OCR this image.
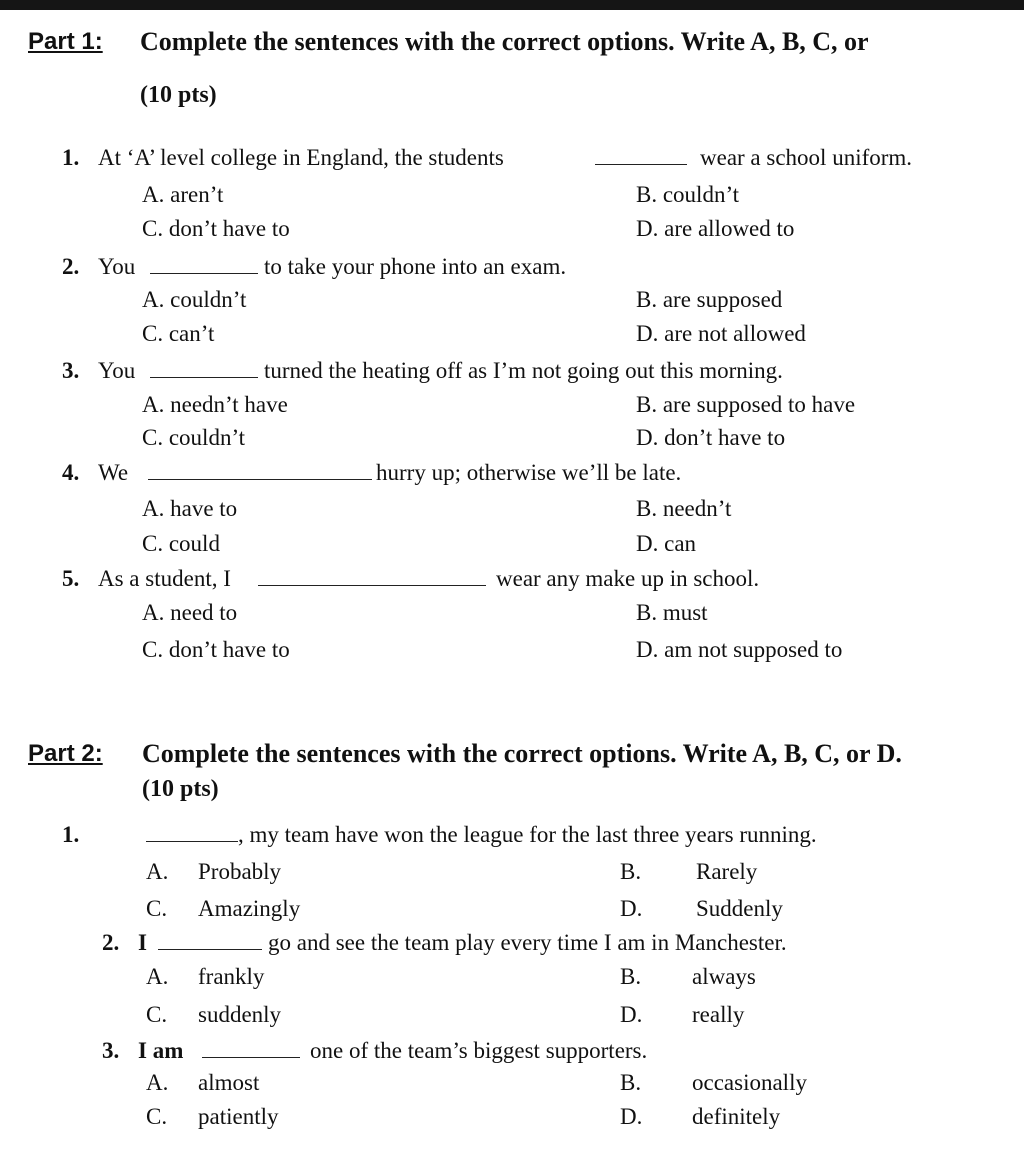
Part 1: Complete the sentences with the correct options. Write A, B, C, or
(10 pts)
1. At ‘A’ level college in England, the students	wear a school uniform.
A. aren’t	B. couldn’t
C. don’t have to	D. are allowed to
2. You	to take your phone into an exam.
A. couldn’t	B. are supposed
C. can’t	D. are not allowed
3. You	turned the heating off as I’m not going out this morning.
A. needn’t have	B. are supposed to have
C. couldn’t	D. don’t have to
4. We	hurry up; otherwise we’ll be late.
A. have to	B. needn’t
C. could	D. can
5. As a student, I	wear any make up in school.
A. need to	B. must
C. don’t have to	D. am not supposed to
Part 2: Complete the sentences with the correct options. Write A, B, C, or D.
(10 pts)
1.	, my team have won the league for the last three years running.
A. Probably	B. Rarely
C. Amazingly	D. Suddenly
2. I	go and see the team play every time I am in Manchester.
A. frankly	B. always
C. suddenly	D. really
3. I am	one of the team’s biggest supporters.
A. almost	B. occasionally
C. patiently	D. definitely
